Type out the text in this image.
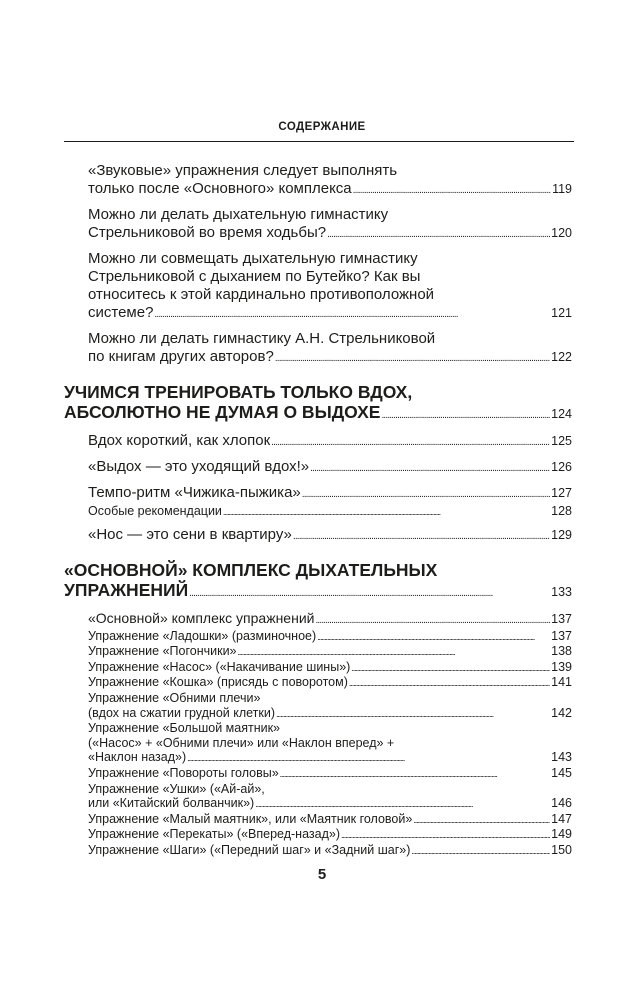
СОДЕРЖАНИЕ
«Звуковые» упражнения следует выполнять
только после «Основного» комплекса . . .	119
Можно ли делать дыхательную гимнастику
Стрельниковой во время ходьбы? . . .	120
Можно ли совмещать дыхательную гимнастику
Стрельниковой с дыханием по Бутейко? Как вы
относитесь к этой кардинально противоположной
системе? . . .	121
Можно ли делать гимнастику А.Н. Стрельниковой
по книгам других авторов? . . .	122
УЧИМСЯ ТРЕНИРОВАТЬ ТОЛЬКО ВДОХ,
АБСОЛЮТНО НЕ ДУМАЯ О ВЫДОХЕ . . .	124
Вдох короткий, как хлопок . . .	125
«Выдох — это уходящий вдох!» . . .	126
Темпо-ритм «Чижика-пыжика» . . .	127
Особые рекомендации . . .	128
«Нос — это сени в квартиру» . . .	129
«ОСНОВНОЙ» КОМПЛЕКС ДЫХАТЕЛЬНЫХ
УПРАЖНЕНИЙ . . .	133
«Основной» комплекс упражнений . . .	137
Упражнение «Ладошки» (разминочное) . . .	137
Упражнение «Погончики» . . .	138
Упражнение «Насос» («Накачивание шины») . . .	139
Упражнение «Кошка» (присядь с поворотом) . . .	141
Упражнение «Обними плечи»
(вдох на сжатии грудной клетки) . . .	142
Упражнение «Большой маятник»
(«Насос» + «Обними плечи» или «Наклон вперед» +
«Наклон назад») . . .	143
Упражнение «Повороты головы» . . .	145
Упражнение «Ушки» («Ай-ай»,
или «Китайский болванчик») . . .	146
Упражнение «Малый маятник», или «Маятник головой» . . .	147
Упражнение «Перекаты» («Вперед-назад») . . .	149
Упражнение «Шаги» («Передний шаг» и «Задний шаг») . . .	150
5
